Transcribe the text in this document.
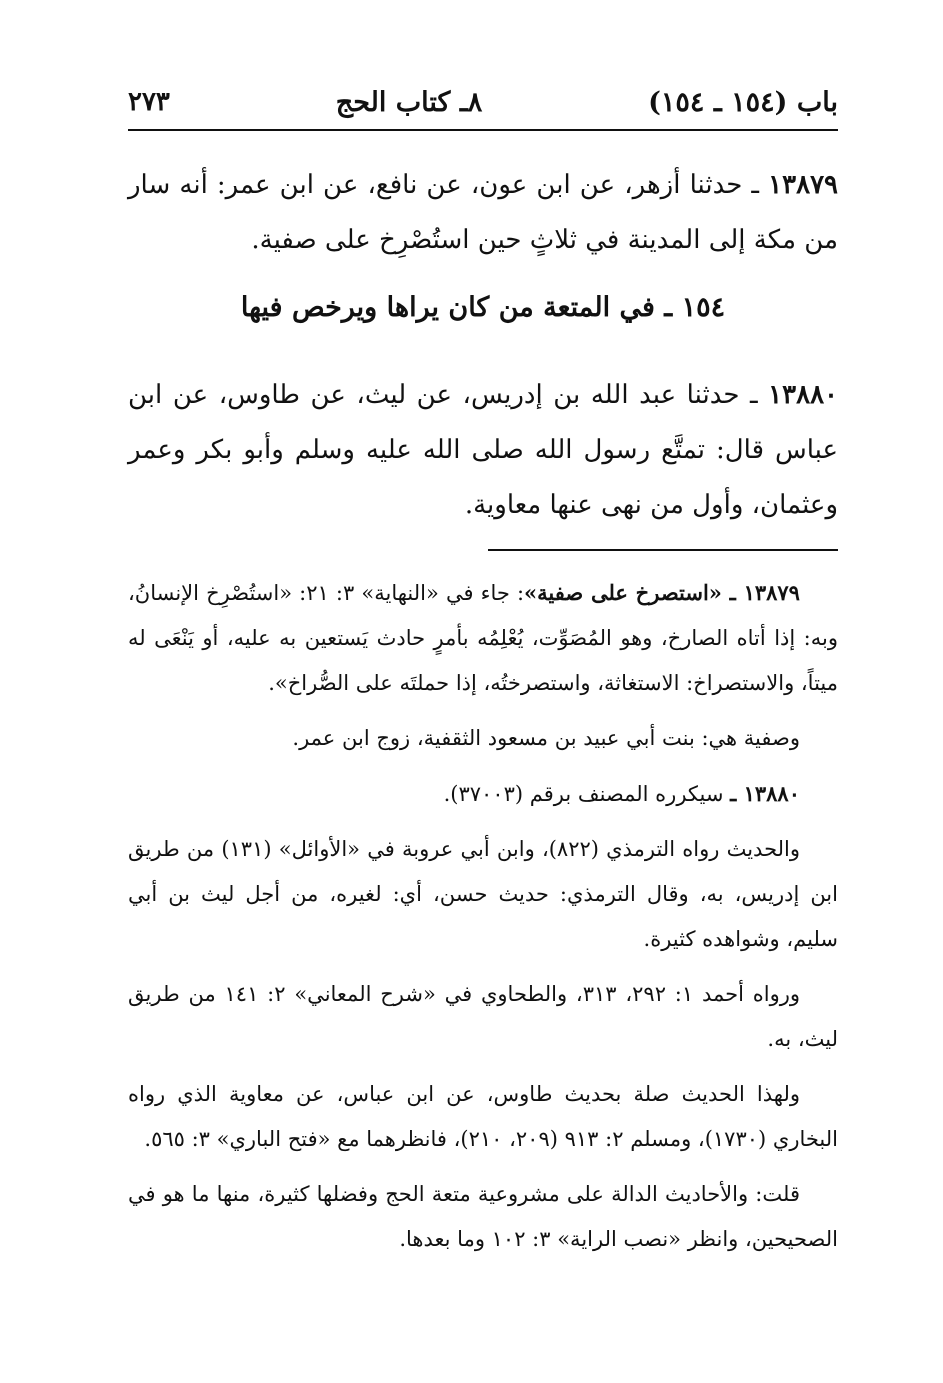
باب (١٥٤ ـ ١٥٤)
٨ـ كتاب الحج
٢٧٣
١٣٨٧٩ ـ حدثنا أزهر، عن ابن عون، عن نافع، عن ابن عمر: أنه سار من مكة إلى المدينة في ثلاثٍ حين استُصْرِخ على صفية.
١٥٤ ـ في المتعة من كان يراها ويرخص فيها
١٣٨٨٠ ـ حدثنا عبد الله بن إدريس، عن ليث، عن طاوس، عن ابن عباس قال: تمتَّع رسول الله صلى الله عليه وسلم وأبو بكر وعمر وعثمان، وأول من نهى عنها معاوية.

١٣٨٧٩ ـ «استصرخ على صفية»: جاء في «النهاية» ٣: ٢١: «استُصْرِخ الإنسانُ، وبه: إذا أتاه الصارخ، وهو المُصَوِّت، يُعْلِمُه بأمرٍ حادث يَستعين به عليه، أو يَنْعَى له ميتاً، والاستصراخ: الاستغاثة، واستصرختُه، إذا حملتَه على الصُّراخ».

وصفية هي: بنت أبي عبيد بن مسعود الثقفية، زوج ابن عمر.

١٣٨٨٠ ـ سيكرره المصنف برقم (٣٧٠٠٣).

والحديث رواه الترمذي (٨٢٢)، وابن أبي عروبة في «الأوائل» (١٣١) من طريق ابن إدريس، به، وقال الترمذي: حديث حسن، أي: لغيره، من أجل ليث بن أبي سليم، وشواهده كثيرة.

ورواه أحمد ١: ٢٩٢، ٣١٣، والطحاوي في «شرح المعاني» ٢: ١٤١ من طريق ليث، به.

ولهذا الحديث صلة بحديث طاوس، عن ابن عباس، عن معاوية الذي رواه البخاري (١٧٣٠)، ومسلم ٢: ٩١٣ (٢٠٩، ٢١٠)، فانظرهما مع «فتح الباري» ٣: ٥٦٥.

قلت: والأحاديث الدالة على مشروعية متعة الحج وفضلها كثيرة، منها ما هو في الصحيحين، وانظر «نصب الراية» ٣: ١٠٢ وما بعدها.
